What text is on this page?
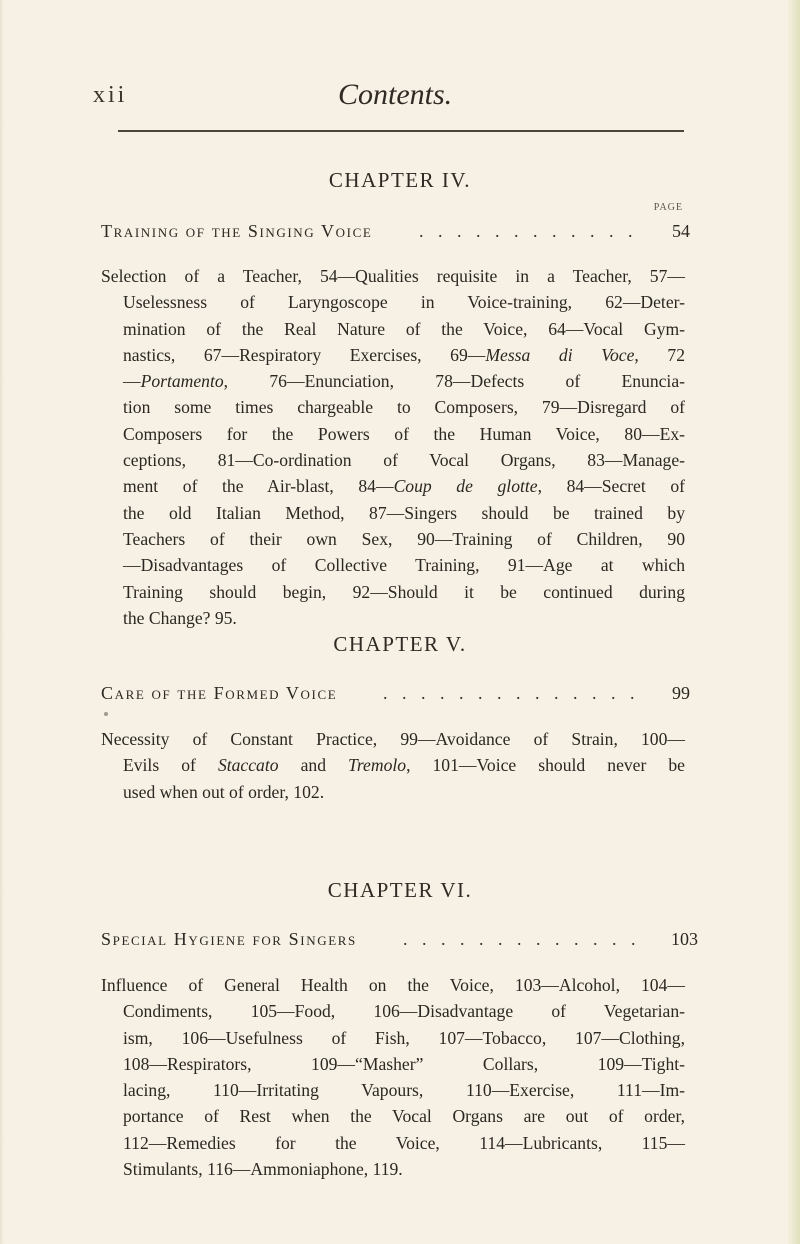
xii	Contents.
CHAPTER IV.
PAGE
Training of the Singing Voice	. . . . . . . . . . . . 54
Selection of a Teacher, 54—Qualities requisite in a Teacher, 57—
Uselessness of Laryngoscope in Voice-training, 62—Deter-
mination of the Real Nature of the Voice, 64—Vocal Gym-
nastics, 67—Respiratory Exercises, 69—Messa di Voce, 72
—Portamento, 76—Enunciation, 78—Defects of Enuncia-
tion some times chargeable to Composers, 79—Disregard of
Composers for the Powers of the Human Voice, 80—Ex-
ceptions, 81—Co-ordination of Vocal Organs, 83—Manage-
ment of the Air-blast, 84—Coup de glotte, 84—Secret of
the old Italian Method, 87—Singers should be trained by
Teachers of their own Sex, 90—Training of Children, 90
—Disadvantages of Collective Training, 91—Age at which
Training should begin, 92—Should it be continued during
the Change? 95.
CHAPTER V.
Care of the Formed Voice	. . . . . . . . . . . . . . 99
Necessity of Constant Practice, 99—Avoidance of Strain, 100—
Evils of Staccato and Tremolo, 101—Voice should never be
used when out of order, 102.
CHAPTER VI.
Special Hygiene for Singers	. . . . . . . . . . . . . 103
Influence of General Health on the Voice, 103—Alcohol, 104—
Condiments, 105—Food, 106—Disadvantage of Vegetarian-
ism, 106—Usefulness of Fish, 107—Tobacco, 107—Clothing,
108—Respirators, 109—“Masher” Collars, 109—Tight-
lacing, 110—Irritating Vapours, 110—Exercise, 111—Im-
portance of Rest when the Vocal Organs are out of order,
112—Remedies for the Voice, 114—Lubricants, 115—
Stimulants, 116—Ammoniaphone, 119.
